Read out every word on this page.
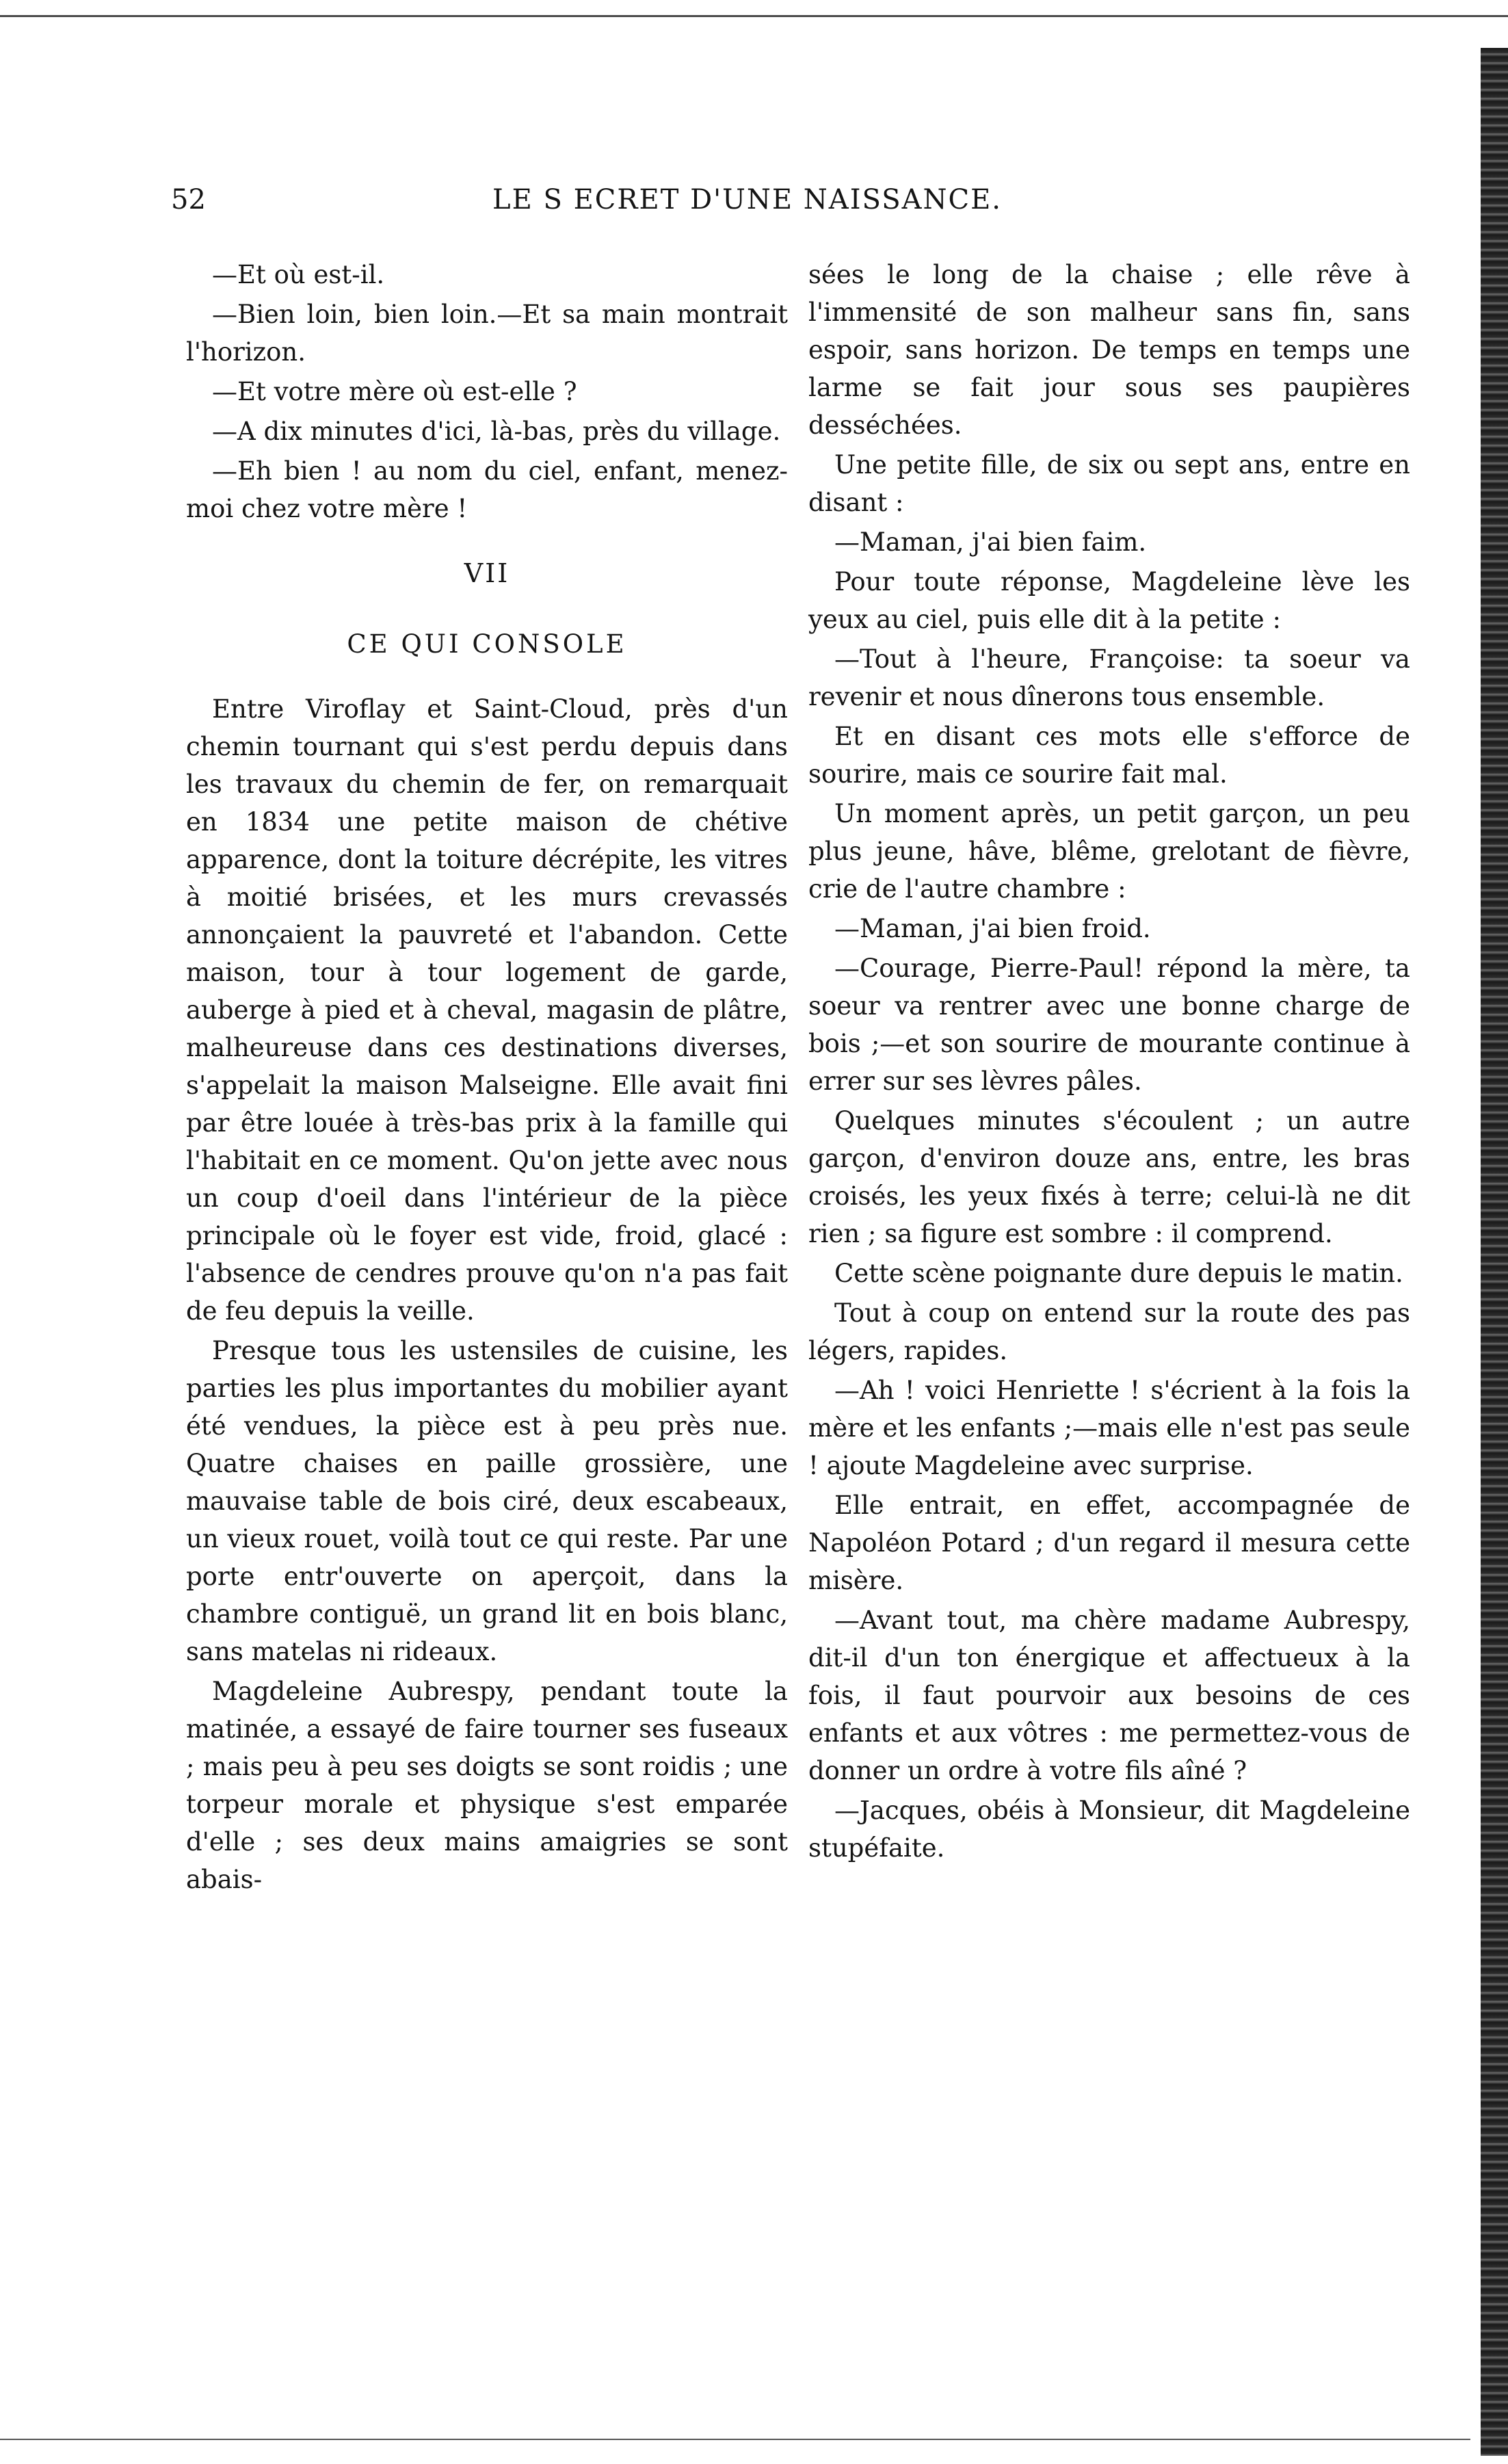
52	LE S ECRET D'UNE NAISSANCE.

—Et où est-il.

—Bien loin, bien loin.—Et sa main montrait l'horizon.

—Et votre mère où est-elle ?

—A dix minutes d'ici, là-bas, près du village.

—Eh bien ! au nom du ciel, enfant, menez-moi chez votre mère !

VII

CE QUI CONSOLE

Entre Viroflay et Saint-Cloud, près d'un chemin tournant qui s'est perdu depuis dans les travaux du chemin de fer, on remarquait en 1834 une petite maison de chétive apparence, dont la toiture décrépite, les vitres à moitié brisées, et les murs crevassés annonçaient la pauvreté et l'abandon. Cette maison, tour à tour logement de garde, auberge à pied et à cheval, magasin de plâtre, malheureuse dans ces destinations diverses, s'appelait la maison Malseigne. Elle avait fini par être louée à très-bas prix à la famille qui l'habitait en ce moment. Qu'on jette avec nous un coup d'oeil dans l'intérieur de la pièce principale où le foyer est vide, froid, glacé : l'absence de cendres prouve qu'on n'a pas fait de feu depuis la veille.

Presque tous les ustensiles de cuisine, les parties les plus importantes du mobilier ayant été vendues, la pièce est à peu près nue. Quatre chaises en paille grossière, une mauvaise table de bois ciré, deux escabeaux, un vieux rouet, voilà tout ce qui reste. Par une porte entr'ouverte on aperçoit, dans la chambre contiguë, un grand lit en bois blanc, sans matelas ni rideaux.

Magdeleine Aubrespy, pendant toute la matinée, a essayé de faire tourner ses fuseaux ; mais peu à peu ses doigts se sont roidis ; une torpeur morale et physique s'est emparée d'elle ; ses deux mains amaigries se sont abais-

sées le long de la chaise ; elle rêve à l'immensité de son malheur sans fin, sans espoir, sans horizon. De temps en temps une larme se fait jour sous ses paupières desséchées.

Une petite fille, de six ou sept ans, entre en disant :

—Maman, j'ai bien faim.

Pour toute réponse, Magdeleine lève les yeux au ciel, puis elle dit à la petite :

—Tout à l'heure, Françoise: ta soeur va revenir et nous dînerons tous ensemble.

Et en disant ces mots elle s'efforce de sourire, mais ce sourire fait mal.

Un moment après, un petit garçon, un peu plus jeune, hâve, blême, grelotant de fièvre, crie de l'autre chambre :

—Maman, j'ai bien froid.

—Courage, Pierre-Paul! répond la mère, ta soeur va rentrer avec une bonne charge de bois ;—et son sourire de mourante continue à errer sur ses lèvres pâles.

Quelques minutes s'écoulent ; un autre garçon, d'environ douze ans, entre, les bras croisés, les yeux fixés à terre; celui-là ne dit rien ; sa figure est sombre : il comprend.

Cette scène poignante dure depuis le matin.

Tout à coup on entend sur la route des pas légers, rapides.

—Ah ! voici Henriette ! s'écrient à la fois la mère et les enfants ;—mais elle n'est pas seule ! ajoute Magdeleine avec surprise.

Elle entrait, en effet, accompagnée de Napoléon Potard ; d'un regard il mesura cette misère.

—Avant tout, ma chère madame Aubrespy, dit-il d'un ton énergique et affectueux à la fois, il faut pourvoir aux besoins de ces enfants et aux vôtres : me permettez-vous de donner un ordre à votre fils aîné ?

—Jacques, obéis à Monsieur, dit Magdeleine stupéfaite.
